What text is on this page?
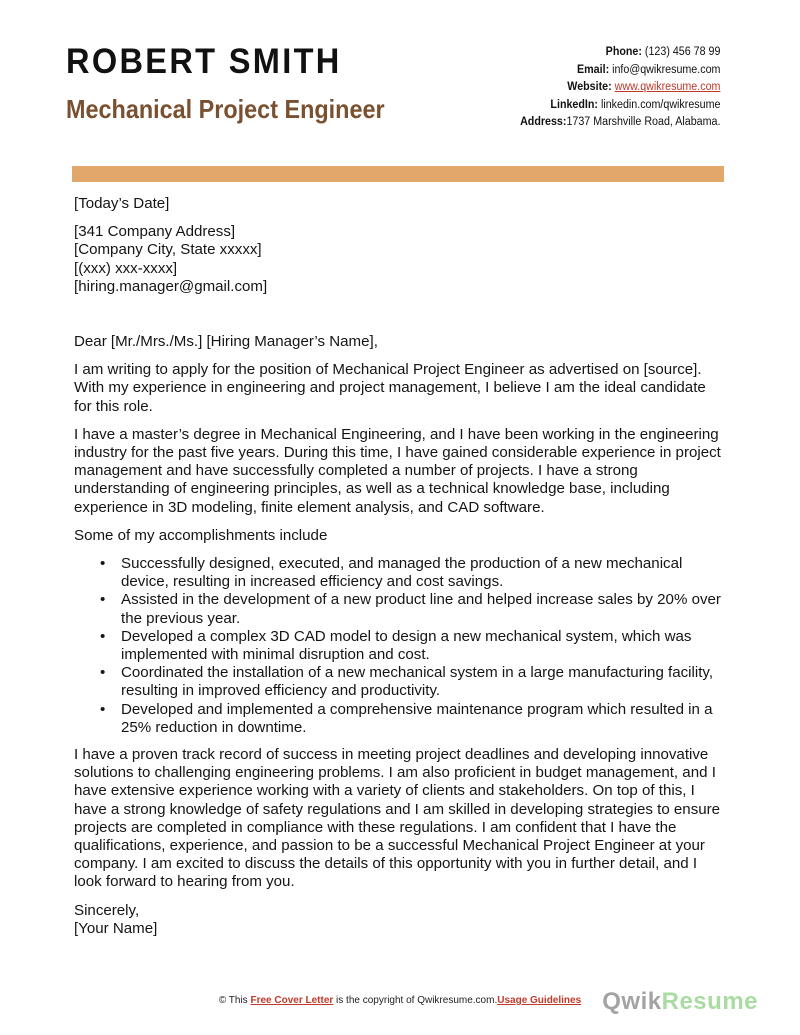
ROBERT SMITH
Mechanical Project Engineer
Phone: (123) 456 78 99
Email: info@qwikresume.com
Website: www.qwikresume.com
LinkedIn: linkedin.com/qwikresume
Address:1737 Marshville Road, Alabama.

[Today’s Date]

[341 Company Address]
[Company City, State xxxxx]
[(xxx) xxx-xxxx]
[hiring.manager@gmail.com]

Dear [Mr./Mrs./Ms.] [Hiring Manager’s Name],

I am writing to apply for the position of Mechanical Project Engineer as advertised on [source]. With my experience in engineering and project management, I believe I am the ideal candidate for this role.

I have a master’s degree in Mechanical Engineering, and I have been working in the engineering industry for the past five years. During this time, I have gained considerable experience in project management and have successfully completed a number of projects. I have a strong understanding of engineering principles, as well as a technical knowledge base, including experience in 3D modeling, finite element analysis, and CAD software.

Some of my accomplishments include

• Successfully designed, executed, and managed the production of a new mechanical device, resulting in increased efficiency and cost savings.
• Assisted in the development of a new product line and helped increase sales by 20% over the previous year.
• Developed a complex 3D CAD model to design a new mechanical system, which was implemented with minimal disruption and cost.
• Coordinated the installation of a new mechanical system in a large manufacturing facility, resulting in improved efficiency and productivity.
• Developed and implemented a comprehensive maintenance program which resulted in a 25% reduction in downtime.

I have a proven track record of success in meeting project deadlines and developing innovative solutions to challenging engineering problems. I am also proficient in budget management, and I have extensive experience working with a variety of clients and stakeholders. On top of this, I have a strong knowledge of safety regulations and I am skilled in developing strategies to ensure projects are completed in compliance with these regulations. I am confident that I have the qualifications, experience, and passion to be a successful Mechanical Project Engineer at your company. I am excited to discuss the details of this opportunity with you in further detail, and I look forward to hearing from you.

Sincerely,
[Your Name]
© This Free Cover Letter is the copyright of Qwikresume.com.Usage Guidelines QwikResume
